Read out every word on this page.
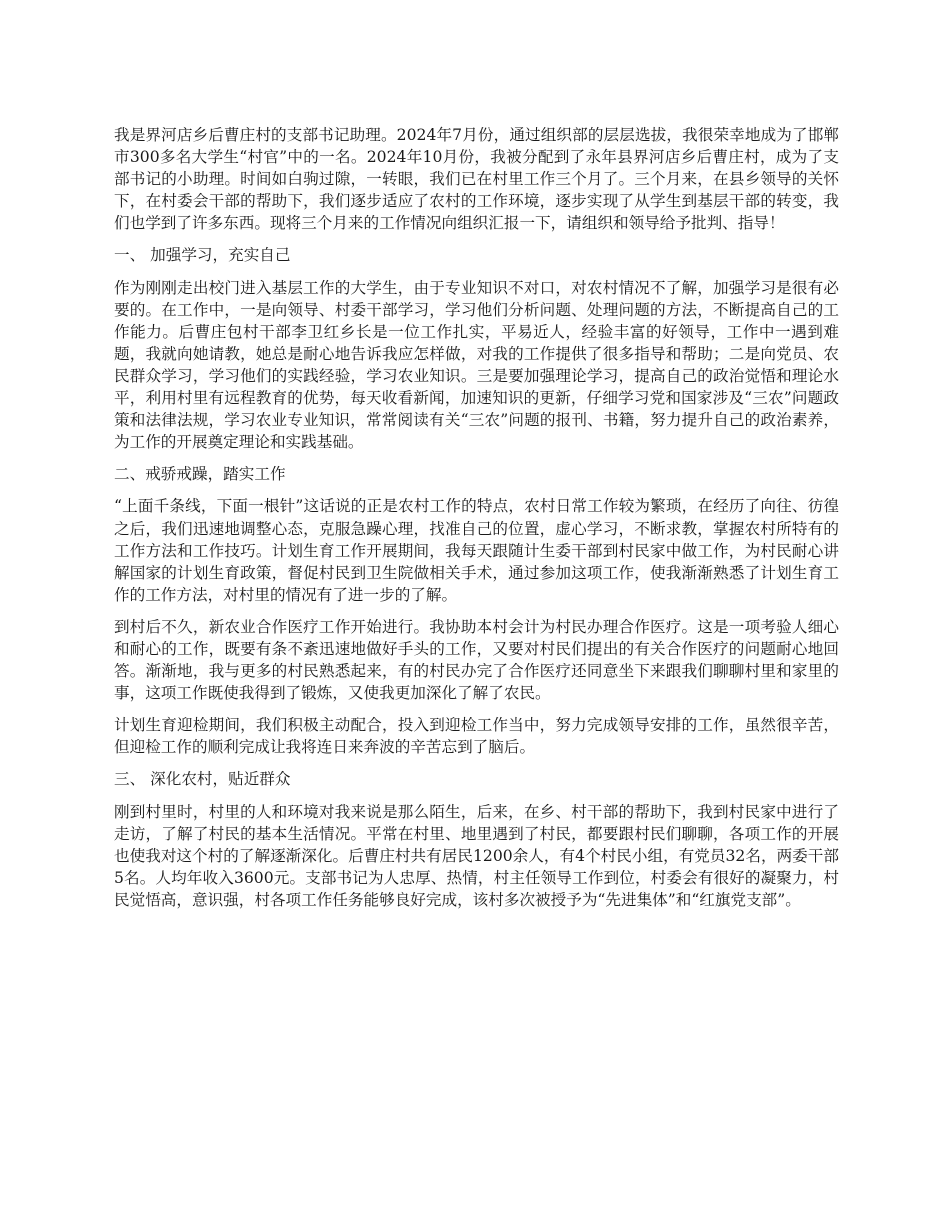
我是界河店乡后曹庄村的支部书记助理。2024年7月份，通过组织部的层层选拔，我很荣幸地成为了邯郸市300多名大学生“村官”中的一名。2024年10月份，我被分配到了永年县界河店乡后曹庄村，成为了支部书记的小助理。时间如白驹过隙，一转眼，我们已在村里工作三个月了。三个月来，在县乡领导的关怀下，在村委会干部的帮助下，我们逐步适应了农村的工作环境，逐步实现了从学生到基层干部的转变，我们也学到了许多东西。现将三个月来的工作情况向组织汇报一下，请组织和领导给予批判、指导！

一、 加强学习，充实自己

作为刚刚走出校门进入基层工作的大学生，由于专业知识不对口，对农村情况不了解，加强学习是很有必要的。在工作中，一是向领导、村委干部学习，学习他们分析问题、处理问题的方法，不断提高自己的工作能力。后曹庄包村干部李卫红乡长是一位工作扎实，平易近人，经验丰富的好领导，工作中一遇到难题，我就向她请教，她总是耐心地告诉我应怎样做，对我的工作提供了很多指导和帮助；二是向党员、农民群众学习，学习他们的实践经验，学习农业知识。三是要加强理论学习，提高自己的政治觉悟和理论水平，利用村里有远程教育的优势，每天收看新闻，加速知识的更新，仔细学习党和国家涉及“三农”问题政策和法律法规，学习农业专业知识，常常阅读有关“三农”问题的报刊、书籍，努力提升自己的政治素养，为工作的开展奠定理论和实践基础。

二、戒骄戒躁，踏实工作

“上面千条线，下面一根针”这话说的正是农村工作的特点，农村日常工作较为繁琐，在经历了向往、彷徨之后，我们迅速地调整心态，克服急躁心理，找准自己的位置，虚心学习，不断求教，掌握农村所特有的工作方法和工作技巧。计划生育工作开展期间，我每天跟随计生委干部到村民家中做工作，为村民耐心讲解国家的计划生育政策，督促村民到卫生院做相关手术，通过参加这项工作，使我渐渐熟悉了计划生育工作的工作方法，对村里的情况有了进一步的了解。

到村后不久，新农业合作医疗工作开始进行。我协助本村会计为村民办理合作医疗。这是一项考验人细心和耐心的工作，既要有条不紊迅速地做好手头的工作，又要对村民们提出的有关合作医疗的问题耐心地回答。渐渐地，我与更多的村民熟悉起来，有的村民办完了合作医疗还同意坐下来跟我们聊聊村里和家里的事，这项工作既使我得到了锻炼，又使我更加深化了解了农民。

计划生育迎检期间，我们积极主动配合，投入到迎检工作当中，努力完成领导安排的工作，虽然很辛苦，但迎检工作的顺利完成让我将连日来奔波的辛苦忘到了脑后。

三、 深化农村，贴近群众

刚到村里时，村里的人和环境对我来说是那么陌生，后来，在乡、村干部的帮助下，我到村民家中进行了走访，了解了村民的基本生活情况。平常在村里、地里遇到了村民，都要跟村民们聊聊，各项工作的开展也使我对这个村的了解逐渐深化。后曹庄村共有居民1200余人，有4个村民小组，有党员32名，两委干部5名。人均年收入3600元。支部书记为人忠厚、热情，村主任领导工作到位，村委会有很好的凝聚力，村民觉悟高，意识强，村各项工作任务能够良好完成，该村多次被授予为“先进集体”和“红旗党支部”。
